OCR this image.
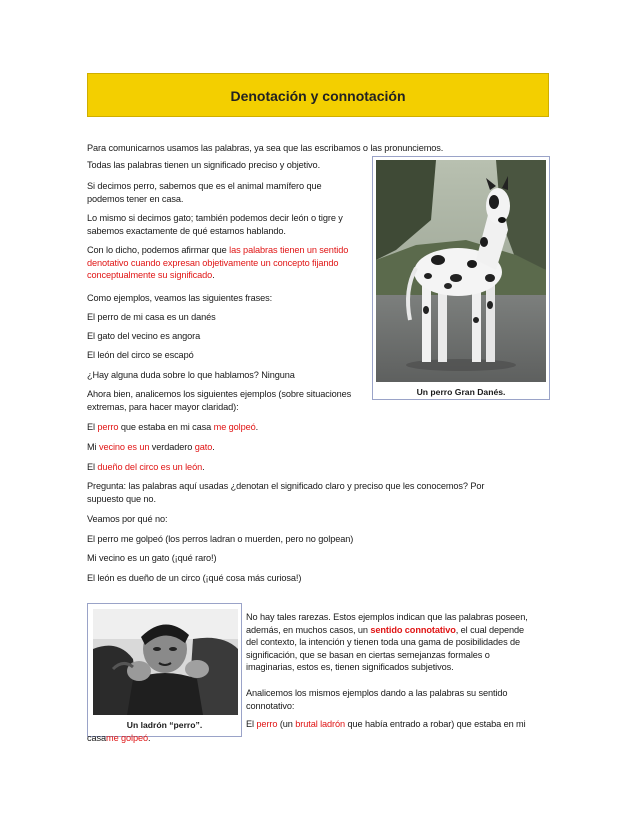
Denotación y connotación
Para comunicarnos usamos las palabras, ya sea que las escribamos o las pronunciemos.
Un perro Gran Danés.
Todas las palabras tienen un significado preciso y objetivo.
Si decimos perro, sabemos que es el animal mamífero que
podemos tener en casa.
Lo mismo si decimos gato; también podemos decir león o tigre y
sabemos exactamente de qué estamos hablando.
Con lo dicho, podemos afirmar que las palabras tienen un sentido
denotativo cuando expresan objetivamente un concepto fijando
conceptualmente su significado.
Como ejemplos, veamos las siguientes frases:
El perro de mi casa es un danés
El gato del vecino es angora
El león del circo se escapó
¿Hay alguna duda sobre lo que hablamos? Ninguna
Ahora bien, analicemos los siguientes ejemplos (sobre situaciones
extremas, para hacer mayor claridad):
El perro que estaba en mi casa me golpeó.
Mi vecino es un verdadero gato.
El dueño del circo es un león.
Pregunta: las palabras aquí usadas ¿denotan el significado claro y preciso que les conocemos? Por
supuesto que no.
Veamos por qué no:
El perro me golpeó (los perros ladran o muerden, pero no golpean)
Mi vecino es un gato (¡qué raro!)
El león es dueño de un circo (¡qué cosa más curiosa!)
Un ladrón “perro”.
No hay tales rarezas. Estos ejemplos indican que las palabras poseen,
además, en muchos casos, un sentido connotativo, el cual depende
del contexto, la intención y tienen toda una gama de posibilidades de
significación, que se basan en ciertas semejanzas formales o
imaginarias, estos es, tienen significados subjetivos.
Analicemos los mismos ejemplos dando a las palabras su sentido
connotativo:
El perro (un brutal ladrón que había entrado a robar) que estaba en mi
casame golpeó.
